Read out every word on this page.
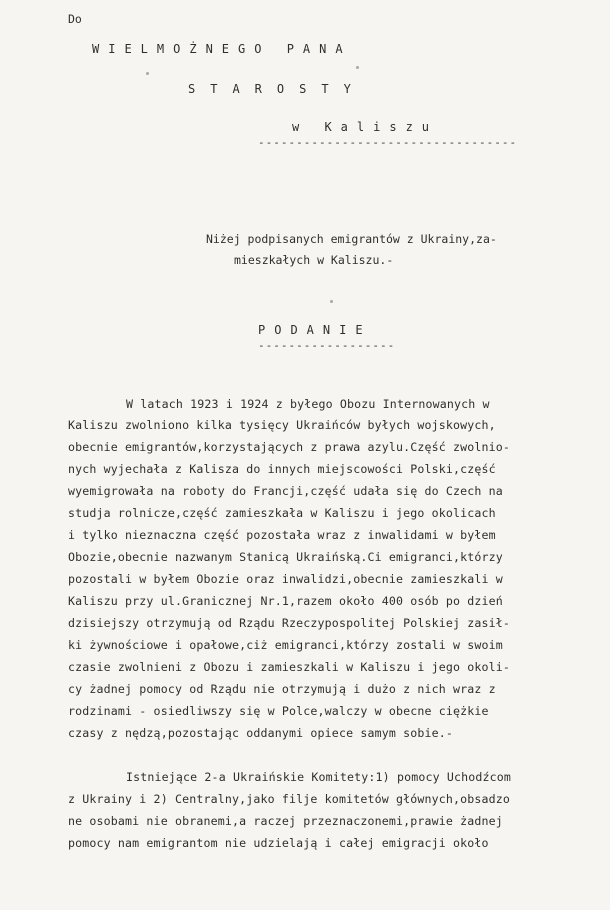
Do
WIELMOŻNEGO PANA
STAROSTY
w Kaliszu
----------------------------------
Niżej podpisanych emigrantów z Ukrainy,za-
mieszkałych w Kaliszu.-
PODANIE
------------------
W latach 1923 i 1924 z byłego Obozu Internowanych w
Kaliszu zwolniono kilka tysięcy Ukraińców byłych wojskowych,
obecnie emigrantów,korzystających z prawa azylu.Część zwolnio-
nych wyjechała z Kalisza do innych miejscowości Polski,część
wyemigrowała na roboty do Francji,część udała się do Czech na
studja rolnicze,część zamieszkała w Kaliszu i jego okolicach
i tylko nieznaczna część pozostała wraz z inwalidami w byłem
Obozie,obecnie nazwanym Stanicą Ukraińską.Ci emigranci,którzy
pozostali w byłem Obozie oraz inwalidzi,obecnie zamieszkali w
Kaliszu przy ul.Granicznej Nr.1,razem około 400 osób po dzień
dzisiejszy otrzymują od Rządu Rzeczypospolitej Polskiej zasił-
ki żywnościowe i opałowe,ciż emigranci,którzy zostali w swoim
czasie zwolnieni z Obozu i zamieszkali w Kaliszu i jego okoli-
cy żadnej pomocy od Rządu nie otrzymują i dużo z nich wraz z
rodzinami - osiedliwszy się w Polce,walczy w obecne ciężkie
czasy z nędzą,pozostając oddanymi opiece samym sobie.-
Istniejące 2-a Ukraińskie Komitety:1) pomocy Uchodźcom
z Ukrainy i 2) Centralny,jako filje komitetów głównych,obsadzo
ne osobami nie obranemi,a raczej przeznaczonemi,prawie żadnej
pomocy nam emigrantom nie udzielają i całej emigracji około
